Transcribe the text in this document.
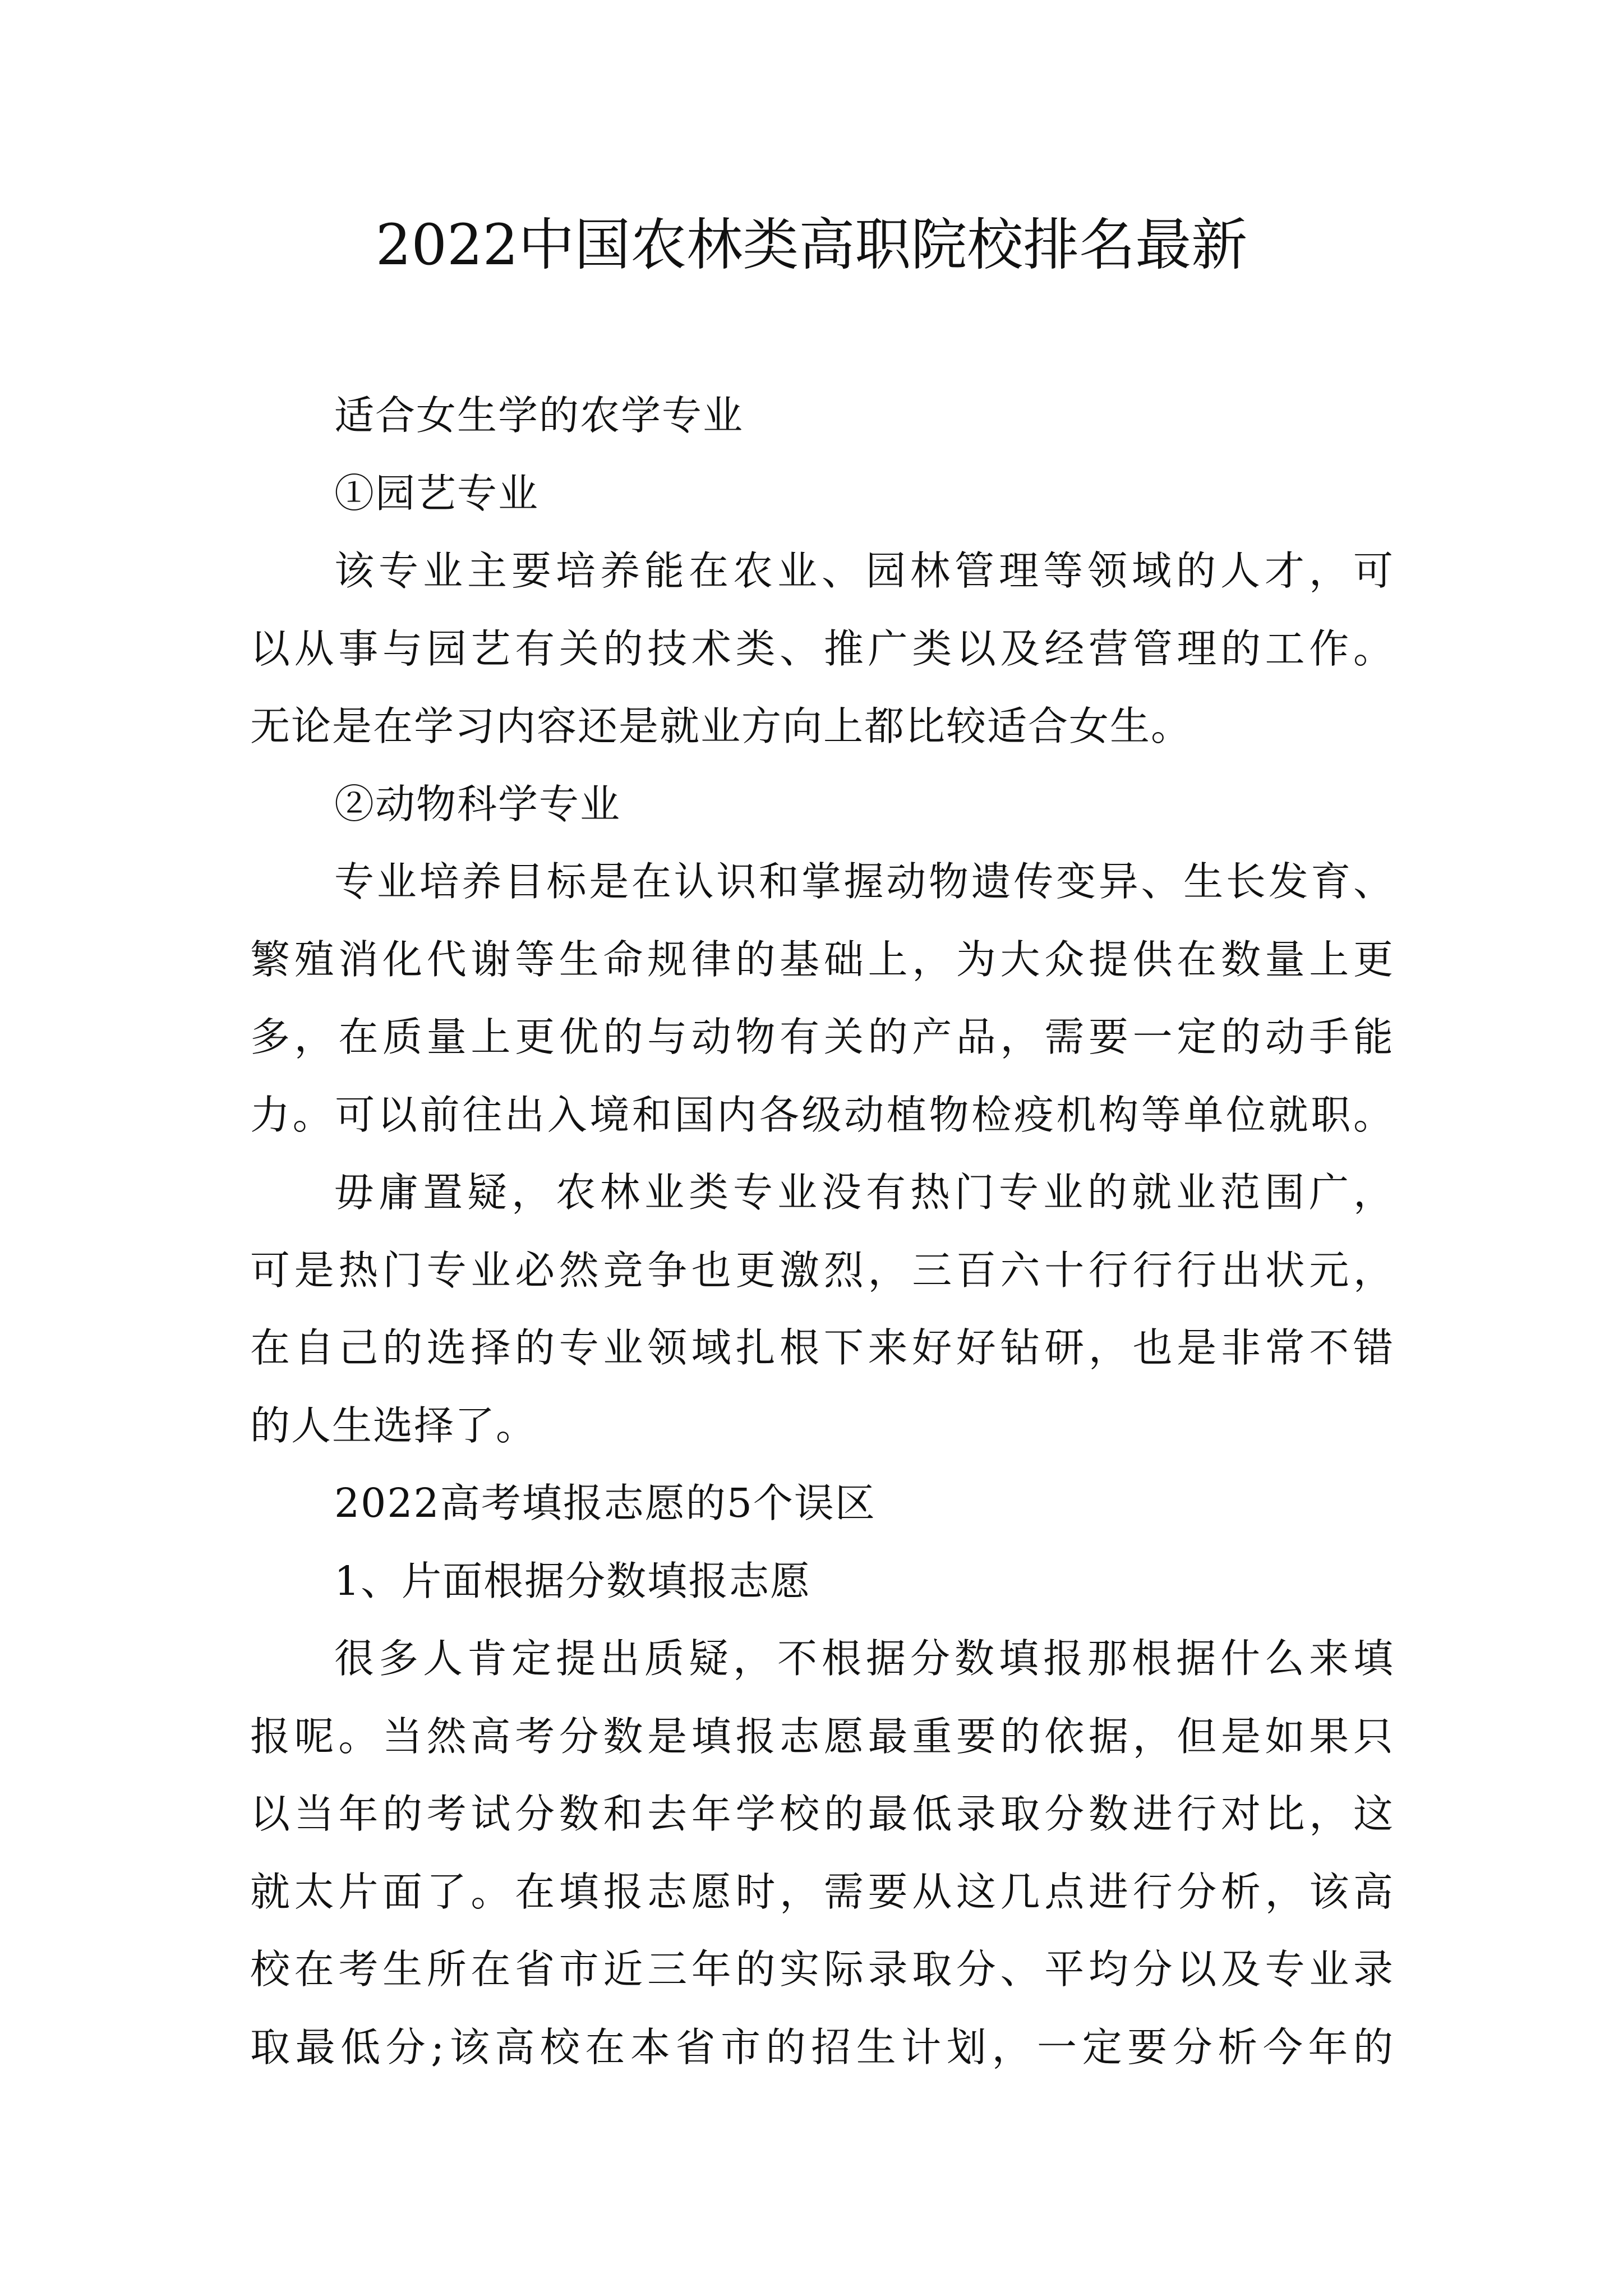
2022中国农林类高职院校排名最新

适合女生学的农学专业

①园艺专业

该专业主要培养能在农业、园林管理等领域的人才，可

以从事与园艺有关的技术类、推广类以及经营管理的工作。

无论是在学习内容还是就业方向上都比较适合女生。

②动物科学专业

专业培养目标是在认识和掌握动物遗传变异、生长发育、

繁殖消化代谢等生命规律的基础上，为大众提供在数量上更

多，在质量上更优的与动物有关的产品，需要一定的动手能

力。可以前往出入境和国内各级动植物检疫机构等单位就职。

毋庸置疑，农林业类专业没有热门专业的就业范围广，

可是热门专业必然竞争也更激烈，三百六十行行行出状元，

在自己的选择的专业领域扎根下来好好钻研，也是非常不错

的人生选择了。

2022高考填报志愿的5个误区

1、片面根据分数填报志愿

很多人肯定提出质疑，不根据分数填报那根据什么来填

报呢。当然高考分数是填报志愿最重要的依据，但是如果只

以当年的考试分数和去年学校的最低录取分数进行对比，这

就太片面了。在填报志愿时，需要从这几点进行分析，该高

校在考生所在省市近三年的实际录取分、平均分以及专业录

取最低分;该高校在本省市的招生计划，一定要分析今年的
